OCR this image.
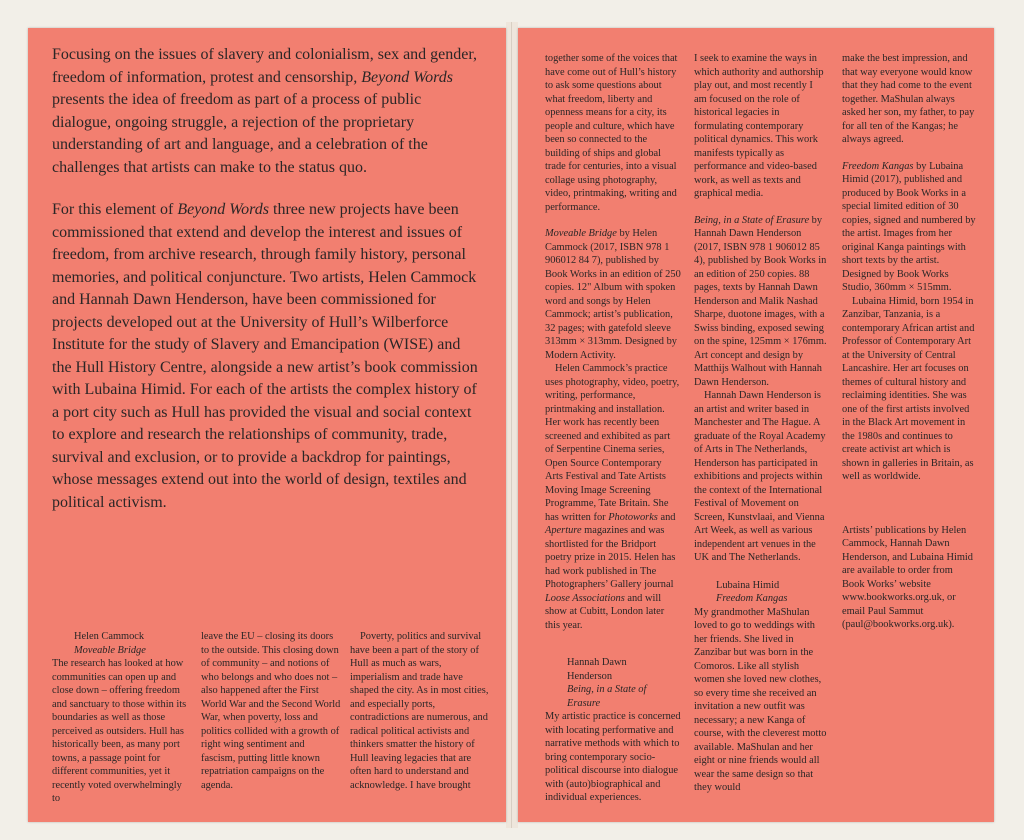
Focusing on the issues of slavery and colonialism, sex and gender, freedom of information, protest and censorship, Beyond Words presents the idea of freedom as part of a process of public dialogue, ongoing struggle, a rejection of the proprietary understanding of art and language, and a celebration of the challenges that artists can make to the status quo.

For this element of Beyond Words three new projects have been commissioned that extend and develop the interest and issues of freedom, from archive research, through family history, personal memories, and political conjuncture. Two artists, Helen Cammock and Hannah Dawn Henderson, have been commissioned for projects developed out at the University of Hull’s Wilberforce Institute for the study of Slavery and Emancipation (WISE) and the Hull History Centre, alongside a new artist’s book commission with Lubaina Himid. For each of the artists the complex history of a port city such as Hull has provided the visual and social context to explore and research the relationships of community, trade, survival and exclusion, or to provide a backdrop for paintings, whose messages extend out into the world of design, textiles and political activism.

Helen Cammock

Moveable Bridge

The research has looked at how communities can open up and close down – offering freedom and sanctuary to those within its boundaries as well as those perceived as outsiders. Hull has historically been, as many port towns, a passage point for different communities, yet it recently voted overwhelmingly to

leave the EU – closing its doors to the outside. This closing down of community – and notions of who belongs and who does not – also happened after the First World War and the Second World War, when poverty, loss and politics collided with a growth of right wing sentiment and fascism, putting little known repatriation campaigns on the agenda.

Poverty, politics and survival have been a part of the story of Hull as much as wars, imperialism and trade have shaped the city. As in most cities, and especially ports, contradictions are numerous, and radical political activists and thinkers smatter the history of Hull leaving legacies that are often hard to understand and acknowledge. I have brought

together some of the voices that have come out of Hull’s history to ask some questions about what freedom, liberty and openness means for a city, its people and culture, which have been so connected to the building of ships and global trade for centuries, into a visual collage using photography, video, printmaking, writing and performance.

Moveable Bridge by Helen Cammock (2017, ISBN 978 1 906012 84 7), published by Book Works in an edition of 250 copies. 12" Album with spoken word and songs by Helen Cammock; artist’s publication, 32 pages; with gatefold sleeve 313mm × 313mm. Designed by Modern Activity.

Helen Cammock’s practice uses photography, video, poetry, writing, performance, printmaking and installation. Her work has recently been screened and exhibited as part of Serpentine Cinema series, Open Source Contemporary Arts Festival and Tate Artists Moving Image Screening Programme, Tate Britain. She has written for Photoworks and Aperture magazines and was shortlisted for the Bridport poetry prize in 2015. Helen has had work published in The Photographers’ Gallery journal Loose Associations and will show at Cubitt, London later this year.

Hannah Dawn Henderson

Being, in a State of Erasure

My artistic practice is concerned with locating performative and narrative methods with which to bring contemporary socio-political discourse into dialogue with (auto)biographical and individual experiences.

I seek to examine the ways in which authority and authorship play out, and most recently I am focused on the role of historical legacies in formulating contemporary political dynamics. This work manifests typically as performance and video-based work, as well as texts and graphical media.

Being, in a State of Erasure by Hannah Dawn Henderson (2017, ISBN 978 1 906012 85 4), published by Book Works in an edition of 250 copies. 88 pages, texts by Hannah Dawn Henderson and Malik Nashad Sharpe, duotone images, with a Swiss binding, exposed sewing on the spine, 125mm × 176mm. Art concept and design by Matthijs Walhout with Hannah Dawn Henderson.

Hannah Dawn Henderson is an artist and writer based in Manchester and The Hague. A graduate of the Royal Academy of Arts in The Netherlands, Henderson has participated in exhibitions and projects within the context of the International Festival of Movement on Screen, Kunstvlaai, and Vienna Art Week, as well as various independent art venues in the UK and The Netherlands.

Lubaina Himid

Freedom Kangas

My grandmother MaShulan loved to go to weddings with her friends. She lived in Zanzibar but was born in the Comoros. Like all stylish women she loved new clothes, so every time she received an invitation a new outfit was necessary; a new Kanga of course, with the cleverest motto available. MaShulan and her eight or nine friends would all wear the same design so that they would

make the best impression, and that way everyone would know that they had come to the event together. MaShulan always asked her son, my father, to pay for all ten of the Kangas; he always agreed.

Freedom Kangas by Lubaina Himid (2017), published and produced by Book Works in a special limited edition of 30 copies, signed and numbered by the artist. Images from her original Kanga paintings with short texts by the artist. Designed by Book Works Studio, 360mm × 515mm.

Lubaina Himid, born 1954 in Zanzibar, Tanzania, is a contemporary African artist and Professor of Contemporary Art at the University of Central Lancashire. Her art focuses on themes of cultural history and reclaiming identities. She was one of the first artists involved in the Black Art movement in the 1980s and continues to create activist art which is shown in galleries in Britain, as well as worldwide.

Artists’ publications by Helen Cammock, Hannah Dawn Henderson, and Lubaina Himid are available to order from Book Works’ website www.bookworks.org.uk, or email Paul Sammut (paul@bookworks.org.uk).
